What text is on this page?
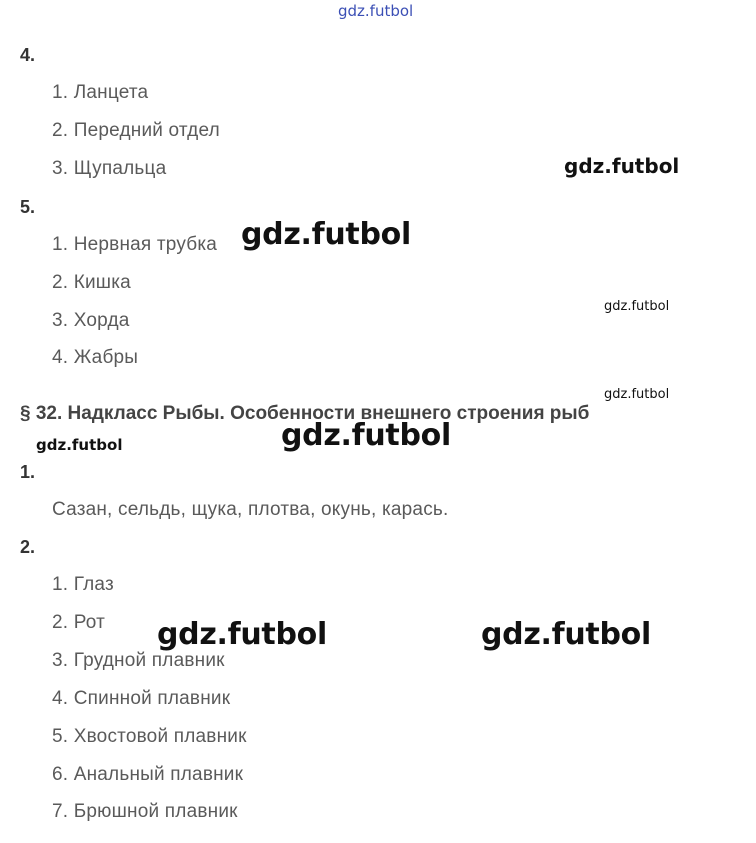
gdz.futbol
4.
1. Ланцета
2. Передний отдел
3. Щупальца	gdz.futbol
5.
1. Нервная трубка gdz.futbol
2. Кишка
gdz.futbol
3. Хорда
4. Жабры
gdz.futbol
§ 32. Надкласс Рыбы. Особенности внешнего строения рыб
gdz.futbol
gdz.futbol
1.
Сазан, сельдь, щука, плотва, окунь, карась.
2.
1. Глаз
2. Рот gdz.futbol	gdz.futbol
3. Грудной плавник
4. Спинной плавник
5. Хвостовой плавник
6. Анальный плавник
7. Брюшной плавник
